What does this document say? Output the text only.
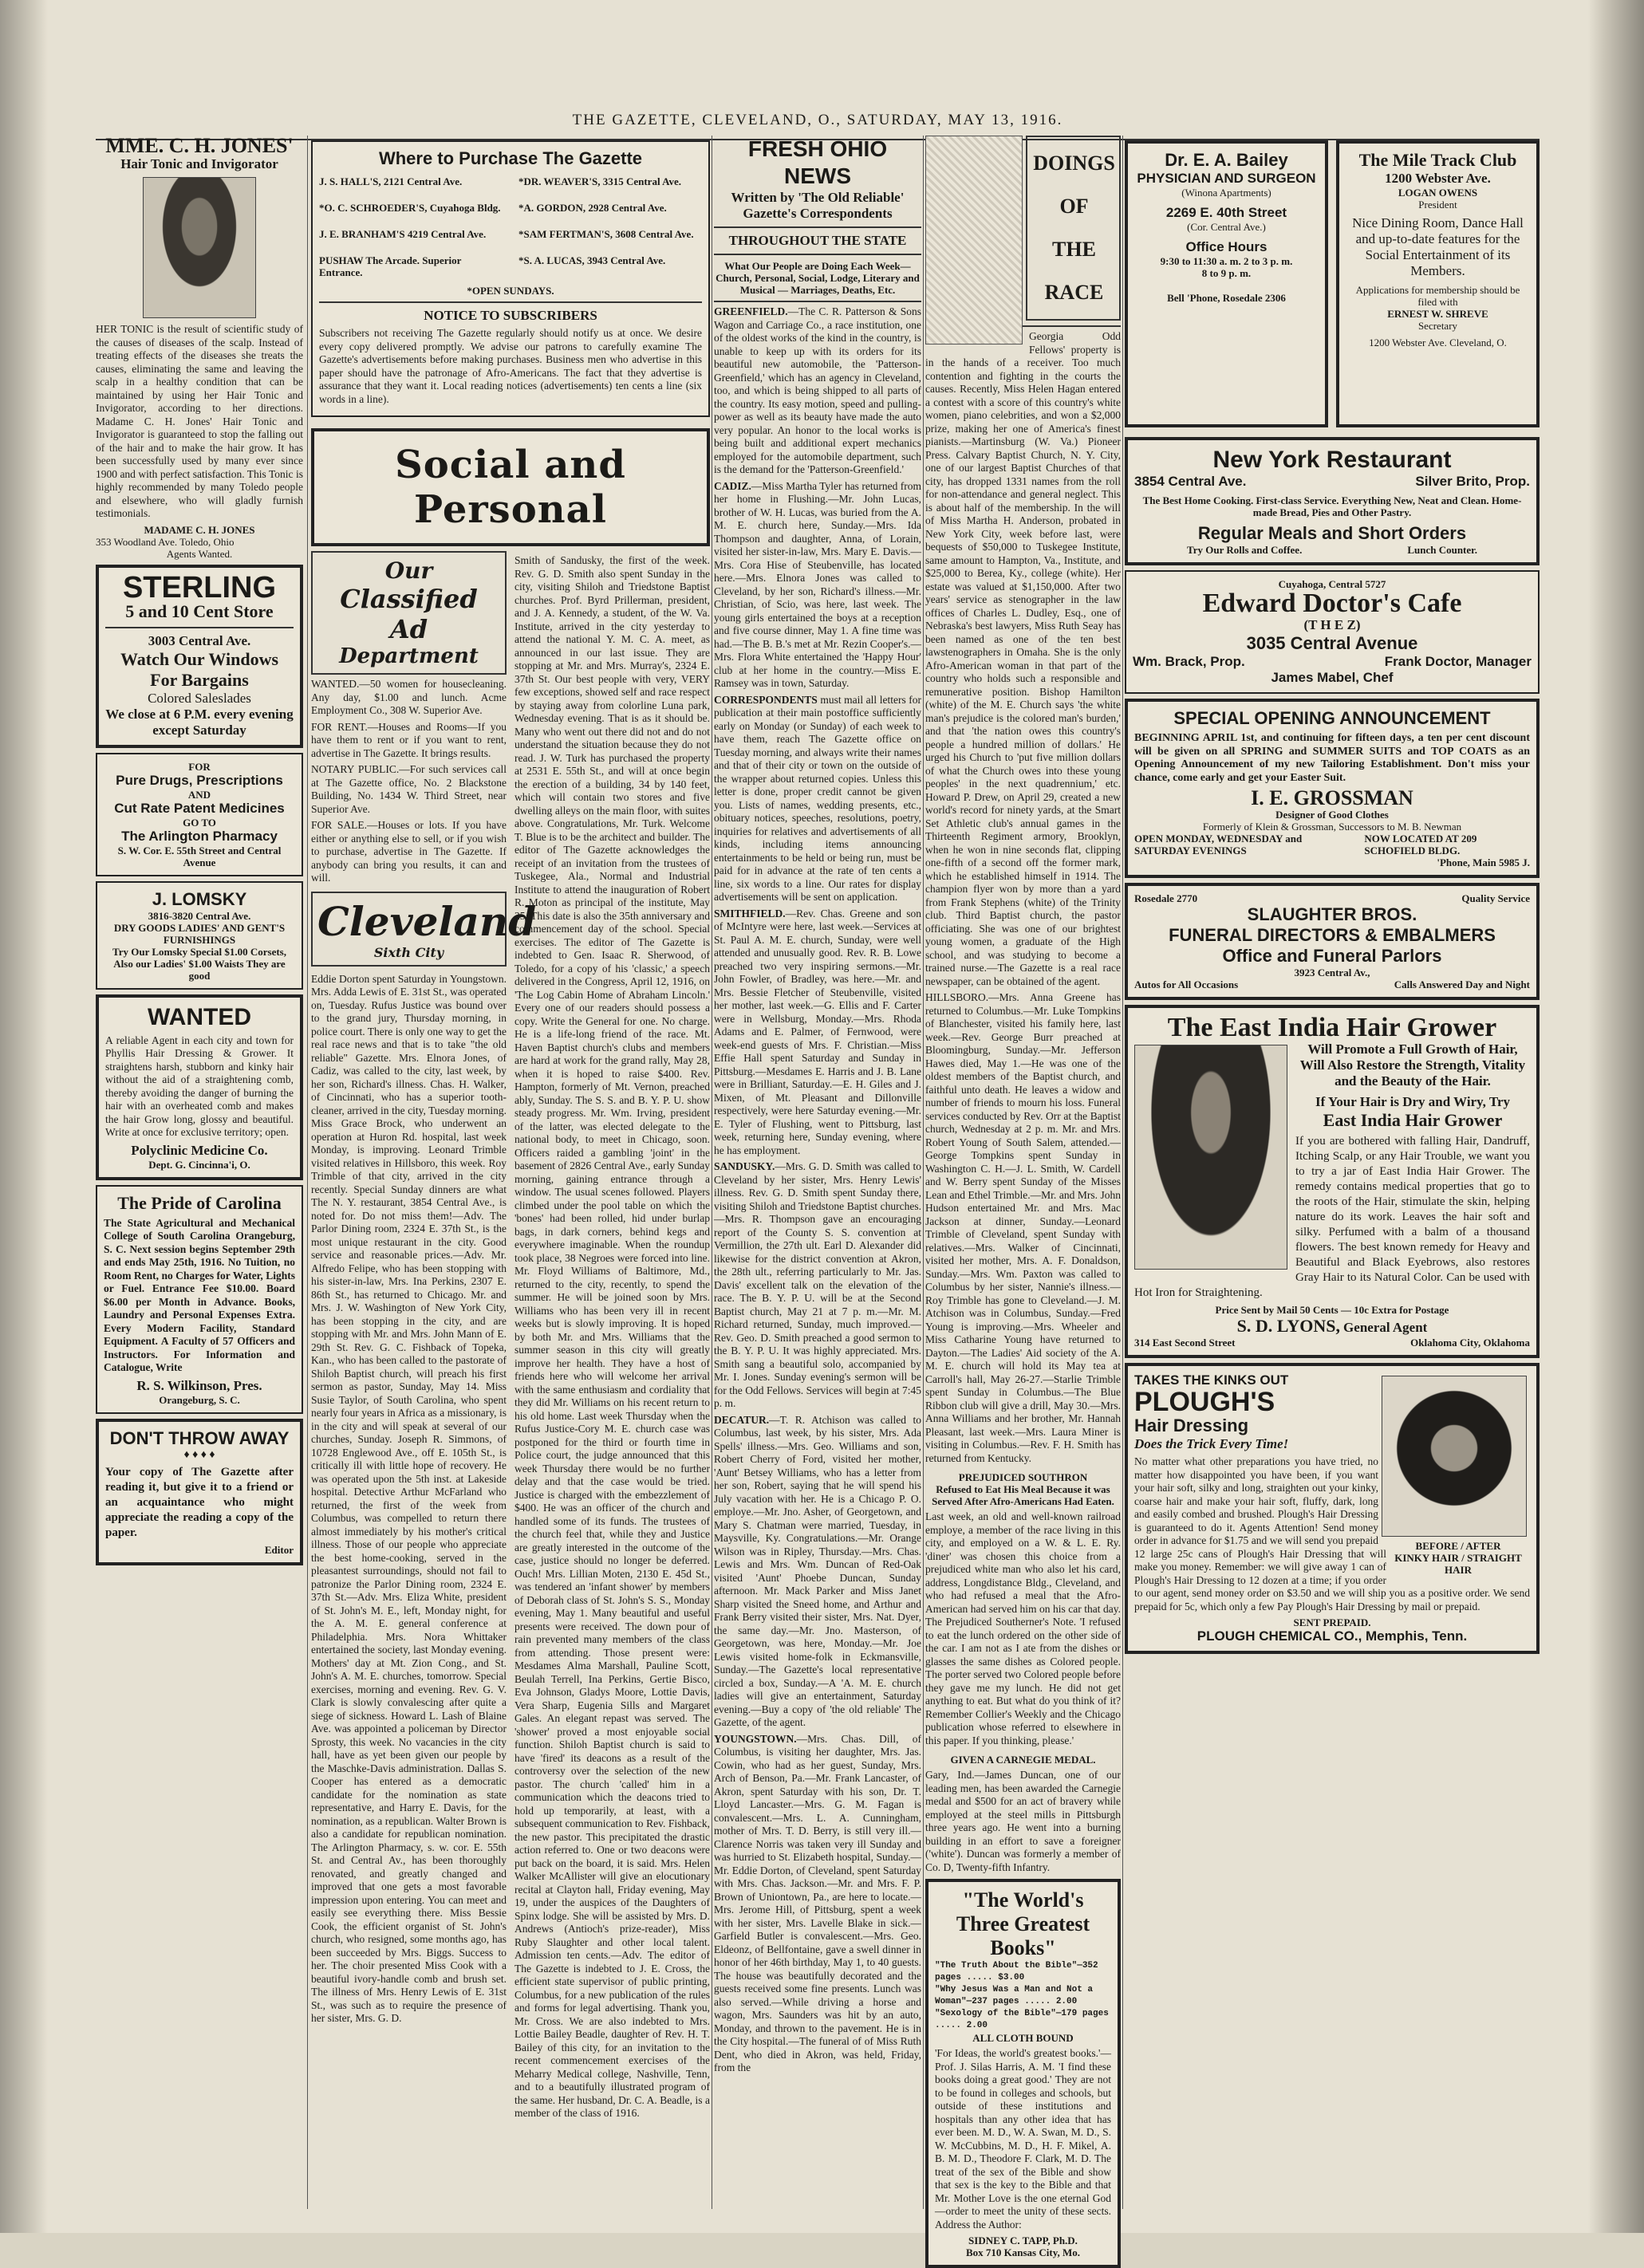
THE GAZETTE, CLEVELAND, O., SATURDAY, MAY 13, 1916.
MME. C. H. JONES'
Hair Tonic and Invigorator
HER TONIC is the result of scientific study of the causes of diseases of the scalp. Instead of treating effects of the diseases she treats the causes, eliminating the same and leaving the scalp in a healthy condition that can be maintained by using her Hair Tonic and Invigorator, according to her directions. Madame C. H. Jones' Hair Tonic and Invigorator is guaranteed to stop the falling out of the hair and to make the hair grow. It has been successfully used by many ever since 1900 and with perfect satisfaction. This Tonic is highly recommended by many Toledo people and elsewhere, who will gladly furnish testimonials.
MADAME C. H. JONES
353 Woodland Ave. Toledo, Ohio
Agents Wanted.
STERLING
5 and 10 Cent Store
3003 Central Ave.
Watch Our Windows For Bargains
Colored Saleslades
We close at 6 P.M. every evening except Saturday
FOR
Pure Drugs, Prescriptions
AND
Cut Rate Patent Medicines
GO TO
The Arlington Pharmacy
S. W. Cor. E. 55th Street and Central Avenue
J. LOMSKY
3816-3820 Central Ave.
DRY GOODS LADIES' AND GENT'S FURNISHINGS
Try Our Lomsky Special $1.00 Corsets, Also our Ladies' $1.00 Waists They are good
WANTED
A reliable Agent in each city and town for Phyllis Hair Dressing & Grower. It straightens harsh, stubborn and kinky hair without the aid of a straightening comb, thereby avoiding the danger of burning the hair with an overheated comb and makes the hair Grow long, glossy and beautiful. Write at once for exclusive territory; open.
Polyclinic Medicine Co.
Dept. G. Cincinna'i, O.
The Pride of Carolina
The State Agricultural and Mechanical College of South Carolina Orangeburg, S. C. Next session begins September 29th and ends May 25th, 1916. No Tuition, no Room Rent, no Charges for Water, Lights or Fuel. Entrance Fee $10.00. Board $6.00 per Month in Advance. Books, Laundry and Personal Expenses Extra. Every Modern Facility, Standard Equipment. A Faculty of 57 Officers and Instructors. For Information and Catalogue, Write
R. S. Wilkinson, Pres.
Orangeburg, S. C.
DON'T THROW AWAY
♦ ♦ ♦ ♦
Your copy of The Gazette after reading it, but give it to a friend or an acquaintance who might appreciate the reading a copy of the paper.
Editor
Where to Purchase The Gazette
J. S. HALL'S, 2121 Central Ave.

*O. C. SCHROEDER'S, Cuyahoga Bldg.

J. E. BRANHAM'S 4219 Central Ave.

PUSHAW The Arcade. Superior Entrance.
*DR. WEAVER'S, 3315 Central Ave.

*A. GORDON, 2928 Central Ave.

*SAM FERTMAN'S, 3608 Central Ave.

*S. A. LUCAS, 3943 Central Ave.
*OPEN SUNDAYS.
NOTICE TO SUBSCRIBERS
Subscribers not receiving The Gazette regularly should notify us at once. We desire every copy delivered promptly. We advise our patrons to carefully examine The Gazette's advertisements before making purchases. Business men who advertise in this paper should have the patronage of Afro-Americans. The fact that they advertise is assurance that they want it. Local reading notices (advertisements) ten cents a line (six words in a line).
Social and Personal
Our
Classified Ad
Department
WANTED.—50 women for housecleaning. Any day, $1.00 and lunch. Acme Employment Co., 308 W. Superior Ave.
FOR RENT.—Houses and Rooms—If you have them to rent or if you want to rent, advertise in The Gazette. It brings results.
NOTARY PUBLIC.—For such services call at The Gazette office, No. 2 Blackstone Building, No. 1434 W. Third Street, near Superior Ave.
FOR SALE.—Houses or lots. If you have either or anything else to sell, or if you wish to purchase, advertise in The Gazette. If anybody can bring you results, it can and will.
Cleveland
Sixth City
Eddie Dorton spent Saturday in Youngstown. Mrs. Adda Lewis of E. 31st St., was operated on, Tuesday. Rufus Justice was bound over to the grand jury, Thursday morning, in police court. There is only one way to get the real race news and that is to take "the old reliable" Gazette. Mrs. Elnora Jones, of Cadiz, was called to the city, last week, by her son, Richard's illness. Chas. H. Walker, of Cincinnati, who has a superior tooth-cleaner, arrived in the city, Tuesday morning. Miss Grace Brock, who underwent an operation at Huron Rd. hospital, last week Monday, is improving. Leonard Trimble visited relatives in Hillsboro, this week. Roy Trimble of that city, arrived in the city recently. Special Sunday dinners are what The N. Y. restaurant, 3854 Central Ave., is noted for. Do not miss them!—Adv. The Parlor Dining room, 2324 E. 37th St., is the most unique restaurant in the city. Good service and reasonable prices.—Adv. Mr. Alfredo Felipe, who has been stopping with his sister-in-law, Mrs. Ina Perkins, 2307 E. 86th St., has returned to Chicago. Mr. and Mrs. J. W. Washington of New York City, has been stopping in the city, and are stopping with Mr. and Mrs. John Mann of E. 29th St. Rev. G. C. Fishback of Topeka, Kan., who has been called to the pastorate of Shiloh Baptist church, will preach his first sermon as pastor, Sunday, May 14. Miss Susie Taylor, of South Carolina, who spent nearly four years in Africa as a missionary, is in the city and will speak at several of our churches, Sunday. Joseph R. Simmons, of 10728 Englewood Ave., off E. 105th St., is critically ill with little hope of recovery. He was operated upon the 5th inst. at Lakeside hospital. Detective Arthur McFarland who returned, the first of the week from Columbus, was compelled to return there almost immediately by his mother's critical illness. Those of our people who appreciate the best home-cooking, served in the pleasantest surroundings, should not fail to patronize the Parlor Dining room, 2324 E. 37th St.—Adv. Mrs. Eliza White, president of St. John's M. E., left, Monday night, for the A. M. E. general conference at Philadelphia. Mrs. Nora Whittaker entertained the society, last Monday evening. Mothers' day at Mt. Zion Cong., and St. John's A. M. E. churches, tomorrow. Special exercises, morning and evening. Rev. G. V. Clark is slowly convalescing after quite a siege of sickness. Howard L. Lash of Blaine Ave. was appointed a policeman by Director Sprosty, this week. No vacancies in the city hall, have as yet been given our people by the Maschke-Davis administration. Dallas S. Cooper has entered as a democratic candidate for the nomination as state representative, and Harry E. Davis, for the nomination, as a republican. Walter Brown is also a candidate for republican nomination. The Arlington Pharmacy, s. w. cor. E. 55th St. and Central Av., has been thoroughly renovated, and greatly changed and improved that one gets a most favorable impression upon entering. You can meet and easily see everything there. Miss Bessie Cook, the efficient organist of St. John's church, who resigned, some months ago, has been succeeded by Mrs. Biggs. Success to her. The choir presented Miss Cook with a beautiful ivory-handle comb and brush set. The illness of Mrs. Henry Lewis of E. 31st St., was such as to require the presence of her sister, Mrs. G. D.
Smith of Sandusky, the first of the week. Rev. G. D. Smith also spent Sunday in the city, visiting Shiloh and Triedstone Baptist churches. Prof. Byrd Prillerman, president, and J. A. Kennedy, a student, of the W. Va. Institute, arrived in the city yesterday to attend the national Y. M. C. A. meet, as announced in our last issue. They are stopping at Mr. and Mrs. Murray's, 2324 E. 37th St. Our best people with very, VERY few exceptions, showed self and race respect by staying away from colorline Luna park, Wednesday evening. That is as it should be. Many who went out there did not and do not understand the situation because they do not read. J. W. Turk has purchased the property at 2531 E. 55th St., and will at once begin the erection of a building, 34 by 140 feet, which will contain two stores and five dwelling alleys on the main floor, with suites above. Congratulations, Mr. Turk. Welcome T. Blue is to be the architect and builder. The editor of The Gazette acknowledges the receipt of an invitation from the trustees of Tuskegee, Ala., Normal and Industrial Institute to attend the inauguration of Robert R. Moton as principal of the institute, May 25. This date is also the 35th anniversary and commencement day of the school. Special exercises. The editor of The Gazette is indebted to Gen. Isaac R. Sherwood, of Toledo, for a copy of his 'classic,' a speech delivered in the Congress, April 12, 1916, on 'The Log Cabin Home of Abraham Lincoln.' Every one of our readers should possess a copy. Write the General for one. No charge. He is a life-long friend of the race. Mt. Haven Baptist church's clubs and members are hard at work for the grand rally, May 28, when it is hoped to raise $400. Rev. Hampton, formerly of Mt. Vernon, preached ably, Sunday. The S. S. and B. Y. P. U. show steady progress. Mr. Wm. Irving, president of the latter, was elected delegate to the national body, to meet in Chicago, soon. Officers raided a gambling 'joint' in the basement of 2826 Central Ave., early Sunday morning, gaining entrance through a window. The usual scenes followed. Players climbed under the pool table on which the 'bones' had been rolled, hid under burlap bags, in dark corners, behind kegs and everywhere imaginable. When the roundup took place, 38 Negroes were forced into line. Mr. Floyd Williams of Baltimore, Md., returned to the city, recently, to spend the summer. He will be joined soon by Mrs. Williams who has been very ill in recent weeks but is slowly improving. It is hoped by both Mr. and Mrs. Williams that the summer season in this city will greatly improve her health. They have a host of friends here who will welcome her arrival with the same enthusiasm and cordiality that they did Mr. Williams on his recent return to his old home. Last week Thursday when the Rufus Justice-Cory M. E. church case was postponed for the third or fourth time in Police court, the judge announced that this week Thursday there would be no further delay and that the case would be tried. Justice is charged with the embezzlement of $400. He was an officer of the church and handled some of its funds. The trustees of the church feel that, while they and Justice are greatly interested in the outcome of the case, justice should no longer be deferred. Ouch! Mrs. Lillian Moten, 2130 E. 45d St., was tendered an 'infant shower' by members of Deborah class of St. John's S. S., Monday evening, May 1. Many beautiful and useful presents were received. The down pour of rain prevented many members of the class from attending. Those present were: Mesdames Alma Marshall, Pauline Scott, Beulah Terrell, Ina Perkins, Gertie Bisco, Eva Johnson, Gladys Moore, Lottie Davis, Vera Sharp, Eugenia Sills and Margaret Gales. An elegant repast was served. The 'shower' proved a most enjoyable social function. Shiloh Baptist church is said to have 'fired' its deacons as a result of the controversy over the selection of the new pastor. The church 'called' him in a communication which the deacons tried to hold up temporarily, at least, with a subsequent communication to Rev. Fishback, the new pastor. This precipitated the drastic action referred to. One or two deacons were put back on the board, it is said. Mrs. Helen Walker McAllister will give an elocutionary recital at Clayton hall, Friday evening, May 19, under the auspices of the Daughters of Spinx lodge. She will be assisted by Mrs. D. Andrews (Antioch's prize-reader), Miss Ruby Slaughter and other local talent. Admission ten cents.—Adv. The editor of The Gazette is indebted to J. E. Cross, the efficient state supervisor of public printing, Columbus, for a new publication of the rules and forms for legal advertising. Thank you, Mr. Cross. We are also indebted to Mrs. Lottie Bailey Beadle, daughter of Rev. H. T. Bailey of this city, for an invitation to the recent commencement exercises of the Meharry Medical college, Nashville, Tenn, and to a beautifully illustrated program of the same. Her husband, Dr. C. A. Beadle, is a member of the class of 1916.
FRESH OHIO NEWS
Written by 'The Old Reliable' Gazette's Correspondents
THROUGHOUT THE STATE
What Our People are Doing Each Week—Church, Personal, Social, Lodge, Literary and Musical — Marriages, Deaths, Etc.
GREENFIELD.—The C. R. Patterson & Sons Wagon and Carriage Co., a race institution, one of the oldest works of the kind in the country, is unable to keep up with its orders for its beautiful new automobile, the 'Patterson-Greenfield,' which has an agency in Cleveland, too, and which is being shipped to all parts of the country. Its easy motion, speed and pulling-power as well as its beauty have made the auto very popular. An honor to the local works is being built and additional expert mechanics employed for the automobile department, such is the demand for the 'Patterson-Greenfield.'
CADIZ.—Miss Martha Tyler has returned from her home in Flushing.—Mr. John Lucas, brother of W. H. Lucas, was buried from the A. M. E. church here, Sunday.—Mrs. Ida Thompson and daughter, Anna, of Lorain, visited her sister-in-law, Mrs. Mary E. Davis.—Mrs. Cora Hise of Steubenville, has located here.—Mrs. Elnora Jones was called to Cleveland, by her son, Richard's illness.—Mr. Christian, of Scio, was here, last week. The young girls entertained the boys at a reception and five course dinner, May 1. A fine time was had.—The B. B.'s met at Mr. Rezin Cooper's.—Mrs. Flora White entertained the 'Happy Hour' club at her home in the country.—Miss E. Ramsey was in town, Saturday.
CORRESPONDENTS must mail all letters for publication at their main postoffice sufficiently early on Monday (or Sunday) of each week to have them, reach The Gazette office on Tuesday morning, and always write their names and that of their city or town on the outside of the wrapper about returned copies. Unless this letter is done, proper credit cannot be given you. Lists of names, wedding presents, etc., obituary notices, speeches, resolutions, poetry, inquiries for relatives and advertisements of all kinds, including items announcing entertainments to be held or being run, must be paid for in advance at the rate of ten cents a line, six words to a line. Our rates for display advertisements will be sent on application.
SMITHFIELD.—Rev. Chas. Greene and son of McIntyre were here, last week.—Services at St. Paul A. M. E. church, Sunday, were well attended and unusually good. Rev. R. B. Lowe preached two very inspiring sermons.—Mr. John Fowler, of Bradley, was here.—Mr. and Mrs. Bessie Fletcher of Steubenville, visited her mother, last week.—G. Ellis and F. Carter were in Wellsburg, Monday.—Mrs. Rhoda Adams and E. Palmer, of Fernwood, were week-end guests of Mrs. F. Christian.—Miss Effie Hall spent Saturday and Sunday in Pittsburg.—Mesdames E. Harris and J. B. Lane were in Brilliant, Saturday.—E. H. Giles and J. Mixen, of Mt. Pleasant and Dillonville respectively, were here Saturday evening.—Mr. E. Tyler of Flushing, went to Pittsburg, last week, returning here, Sunday evening, where he has employment.
SANDUSKY.—Mrs. G. D. Smith was called to Cleveland by her sister, Mrs. Henry Lewis' illness. Rev. G. D. Smith spent Sunday there, visiting Shiloh and Triedstone Baptist churches.—Mrs. R. Thompson gave an encouraging report of the County S. S. convention at Vermillion, the 27th ult. Earl D. Alexander did likewise for the district convention at Akron, the 28th ult., referring particularly to Mr. Jas. Davis' excellent talk on the elevation of the race. The B. Y. P. U. will be at the Second Baptist church, May 21 at 7 p. m.—Mr. M. Richard returned, Sunday, much improved.—Rev. Geo. D. Smith preached a good sermon to the B. Y. P. U. It was highly appreciated. Mrs. Smith sang a beautiful solo, accompanied by Mr. I. Jones. Sunday evening's sermon will be for the Odd Fellows. Services will begin at 7:45 p. m.
DECATUR.—T. R. Atchison was called to Columbus, last week, by his sister, Mrs. Ada Spells' illness.—Mrs. Geo. Williams and son, Robert Cherry of Ford, visited her mother, 'Aunt' Betsey Williams, who has a letter from her son, Robert, saying that he will spend his July vacation with her. He is a Chicago P. O. employe.—Mr. Jno. Asher, of Georgetown, and Mary S. Chatman were married, Tuesday, in Maysville, Ky. Congratulations.—Mr. Orange Wilson was in Ripley, Thursday.—Mrs. Chas. Lewis and Mrs. Wm. Duncan of Red-Oak visited 'Aunt' Phoebe Duncan, Sunday afternoon. Mr. Mack Parker and Miss Janet Sharp visited the Sneed home, and Arthur and Frank Berry visited their sister, Mrs. Nat. Dyer, the same day.—Mr. Jno. Masterson, of Georgetown, was here, Monday.—Mr. Joe Lewis visited home-folk in Eckmansville, Sunday.—The Gazette's local representative circled a box, Sunday.—A 'A. M. E. church ladies will give an entertainment, Saturday evening.—Buy a copy of 'the old reliable' The Gazette, of the agent.
YOUNGSTOWN.—Mrs. Chas. Dill, of Columbus, is visiting her daughter, Mrs. Jas. Cowin, who had as her guest, Sunday, Mrs. Arch of Benson, Pa.—Mr. Frank Lancaster, of Akron, spent Saturday with his son, Dr. T. Lloyd Lancaster.—Mrs. G. M. Fagan is convalescent.—Mrs. L. A. Cunningham, mother of Mrs. T. D. Berry, is still very ill.—Clarence Norris was taken very ill Sunday and was hurried to St. Elizabeth hospital, Sunday.—Mr. Eddie Dorton, of Cleveland, spent Saturday with Mrs. Chas. Jackson.—Mr. and Mrs. F. P. Brown of Uniontown, Pa., are here to locate.—Mrs. Jerome Hill, of Pittsburg, spent a week with her sister, Mrs. Lavelle Blake in sick.—Garfield Butler is convalescent.—Mrs. Geo. Eldeonz, of Bellfontaine, gave a swell dinner in honor of her 46th birthday, May 1, to 40 guests. The house was beautifully decorated and the guests received some fine presents. Lunch was also served.—While driving a horse and wagon, Mrs. Saunders was hit by an auto, Monday, and thrown to the pavement. He is in the City hospital.—The funeral of of Miss Ruth Dent, who died in Akron, was held, Friday, from the
DOINGS
OF
THE
RACE
Georgia Odd Fellows' property is in the hands of a receiver. Too much contention and fighting in the courts the causes. Recently, Miss Helen Hagan entered a contest with a score of this country's white women, piano celebrities, and won a $2,000 prize, making her one of America's finest pianists.—Martinsburg (W. Va.) Pioneer Press. Calvary Baptist Church, N. Y. City, one of our largest Baptist Churches of that city, has dropped 1331 names from the roll for non-attendance and general neglect. This is about half of the membership. In the will of Miss Martha H. Anderson, probated in New York City, week before last, were bequests of $50,000 to Tuskegee Institute, same amount to Hampton, Va., Institute, and $25,000 to Berea, Ky., college (white). Her estate was valued at $1,150,000. After two years' service as stenographer in the law offices of Charles L. Dudley, Esq., one of Nebraska's best lawyers, Miss Ruth Seay has been named as one of the ten best lawstenographers in Omaha. She is the only Afro-American woman in that part of the country who holds such a responsible and remunerative position. Bishop Hamilton (white) of the M. E. Church says 'the white man's prejudice is the colored man's burden,' and that 'the nation owes this country's people a hundred million of dollars.' He urged his Church to 'put five million dollars of what the Church owes into these young peoples' in the next quadrennium,' etc. Howard P. Drew, on April 29, created a new world's record for ninety yards, at the Smart Set Athletic club's annual games in the Thirteenth Regiment armory, Brooklyn, when he won in nine seconds flat, clipping one-fifth of a second off the former mark, which he established himself in 1914. The champion flyer won by more than a yard from Frank Stephens (white) of the Trinity club. Third Baptist church, the pastor officiating. She was one of our brightest young women, a graduate of the High school, and was studying to become a trained nurse.—The Gazette is a real race newspaper, can be obtained of the agent.
HILLSBORO.—Mrs. Anna Greene has returned to Columbus.—Mr. Luke Tompkins of Blanchester, visited his family here, last week.—Rev. George Burr preached at Bloomingburg, Sunday.—Mr. Jefferson Hawes died, May 1.—He was one of the oldest members of the Baptist church, and faithful unto death. He leaves a widow and number of friends to mourn his loss. Funeral services conducted by Rev. Orr at the Baptist church, Wednesday at 2 p. m. Mr. and Mrs. Robert Young of South Salem, attended.—George Tompkins spent Sunday in Washington C. H.—J. L. Smith, W. Cardell and W. Berry spent Sunday of the Misses Lean and Ethel Trimble.—Mr. and Mrs. John Hudson entertained Mr. and Mrs. Mac Jackson at dinner, Sunday.—Leonard Trimble of Cleveland, spent Sunday with relatives.—Mrs. Walker of Cincinnati, visited her mother, Mrs. A. F. Donaldson, Sunday.—Mrs. Wm. Paxton was called to Columbus by her sister, Nannie's illness.—Roy Trimble has gone to Cleveland.—J. M. Atchison was in Columbus, Sunday.—Fred Young is improving.—Mrs. Wheeler and Miss Catharine Young have returned to Dayton.—The Ladies' Aid society of the A. M. E. church will hold its May tea at Carroll's hall, May 26-27.—Starlie Trimble spent Sunday in Columbus.—The Blue Ribbon club will give a drill, May 30.—Mrs. Anna Williams and her brother, Mr. Hannah Pleasant, last week.—Mrs. Laura Miner is visiting in Columbus.—Rev. F. H. Smith has returned from Kentucky.
PREJUDICED SOUTHRON
Refused to Eat His Meal Because it was Served After Afro-Americans Had Eaten.
Last week, an old and well-known railroad employe, a member of the race living in this city, and employed on a W. & L. E. Ry. 'diner' was chosen this choice from a prejudiced white man who also let his card, address, Longdistance Bldg., Cleveland, and who had refused a meal that the Afro-American had served him on his car that day. The Prejudiced Southerner's Note. 'I refused to eat the lunch ordered on the other side of the car. I am not as I ate from the dishes or glasses the same dishes as Colored people. The porter served two Colored people before they gave me my lunch. He did not get anything to eat. But what do you think of it? Remember Collier's Weekly and the Chicago publication whose referred to elsewhere in this paper. If you thinking, please.'
GIVEN A CARNEGIE MEDAL.
Gary, Ind.—James Duncan, one of our leading men, has been awarded the Carnegie medal and $500 for an act of bravery while employed at the steel mills in Pittsburgh three years ago. He went into a burning building in an effort to save a foreigner ('white'). Duncan was formerly a member of Co. D, Twenty-fifth Infantry.
"The World's Three Greatest Books"
"The Truth About the Bible"—352 pages ..... $3.00
"Why Jesus Was a Man and Not a Woman"—237 pages ..... 2.00
"Sexology of the Bible"—179 pages ..... 2.00
ALL CLOTH BOUND
'For Ideas, the world's greatest books.'—Prof. J. Silas Harris, A. M. 'I find these books doing a great good.' They are not to be found in colleges and schools, but outside of these institutions and hospitals than any other idea that has ever been. M. D., W. A. Swan, M. D., S. W. McCubbins, M. D., H. F. Mikel, A. B. M. D., Theodore F. Clark, M. D. The treat of the sex of the Bible and show that sex is the key to the Bible and that Mr. Mother Love is the one eternal God—order to meet the unity of these sects. Address the Author:
SIDNEY C. TAPP, Ph.D.
Box 710 Kansas City, Mo.
Dr. E. A. Bailey
PHYSICIAN AND SURGEON
(Winona Apartments)
2269 E. 40th Street
(Cor. Central Ave.)
Office Hours
9:30 to 11:30 a. m. 2 to 3 p. m.
8 to 9 p. m.
Bell 'Phone, Rosedale 2306
The Mile Track Club
1200 Webster Ave.
LOGAN OWENS
President
Nice Dining Room, Dance Hall and up-to-date features for the Social Entertainment of its Members.
Applications for membership should be filed with
ERNEST W. SHREVE
Secretary
1200 Webster Ave. Cleveland, O.
New York Restaurant
3854 Central Ave.	Silver Brito, Prop.
The Best Home Cooking. First-class Service. Everything New, Neat and Clean. Home-made Bread, Pies and Other Pastry.
Regular Meals and Short Orders
Try Our Rolls and Coffee.	Lunch Counter.
Cuyahoga, Central 5727
Edward Doctor's Cafe
(T H E Z)
3035 Central Avenue
Wm. Brack, Prop.	Frank Doctor, Manager
James Mabel, Chef
SPECIAL OPENING ANNOUNCEMENT
BEGINNING APRIL 1st, and continuing for fifteen days, a ten per cent discount will be given on all SPRING and SUMMER SUITS and TOP COATS as an Opening Announcement of my new Tailoring Establishment. Don't miss your chance, come early and get your Easter Suit.
I. E. GROSSMAN
Designer of Good Clothes
Formerly of Klein & Grossman, Successors to M. B. Newman
OPEN MONDAY, WEDNESDAY and SATURDAY EVENINGS
NOW LOCATED AT 209 SCHOFIELD BLDG.
'Phone, Main 5985 J.
Rosedale 2770	Quality Service
SLAUGHTER BROS.
FUNERAL DIRECTORS & EMBALMERS
Office and Funeral Parlors
3923 Central Av.,
Autos for All Occasions	Calls Answered Day and Night
The East India Hair Grower
Will Promote a Full Growth of Hair, Will Also Restore the Strength, Vitality and the Beauty of the Hair.
If Your Hair is Dry and Wiry, Try
East India Hair Grower
If you are bothered with falling Hair, Dandruff, Itching Scalp, or any Hair Trouble, we want you to try a jar of East India Hair Grower. The remedy contains medical properties that go to the roots of the Hair, stimulate the skin, helping nature do its work. Leaves the hair soft and silky. Perfumed with a balm of a thousand flowers. The best known remedy for Heavy and Beautiful and Black Eyebrows, also restores Gray Hair to its Natural Color. Can be used with Hot Iron for Straightening.
Price Sent by Mail 50 Cents — 10c Extra for Postage
S. D. LYONS, General Agent
314 East Second Street	Oklahoma City, Oklahoma
TAKES THE KINKS OUT
PLOUGH'S
Hair Dressing
Does the Trick Every Time!
BEFORE / AFTER
KINKY HAIR / STRAIGHT HAIR
No matter what other preparations you have tried, no matter how disappointed you have been, if you want your hair soft, silky and long, straighten out your kinky, coarse hair and make your hair soft, fluffy, dark, long and easily combed and brushed. Plough's Hair Dressing is guaranteed to do it. Agents Attention! Send money order in advance for $1.75 and we will send you prepaid 12 large 25c cans of Plough's Hair Dressing that will make you money. Remember: we will give away 1 can of Plough's Hair Dressing to 12 dozen at a time; if you order to our agent, send money order on $3.50 and we will ship you as a positive order. We send prepaid for 5c, which only a few Pay Plough's Hair Dressing by mail or prepaid.
SENT PREPAID.
PLOUGH CHEMICAL CO., Memphis, Tenn.
